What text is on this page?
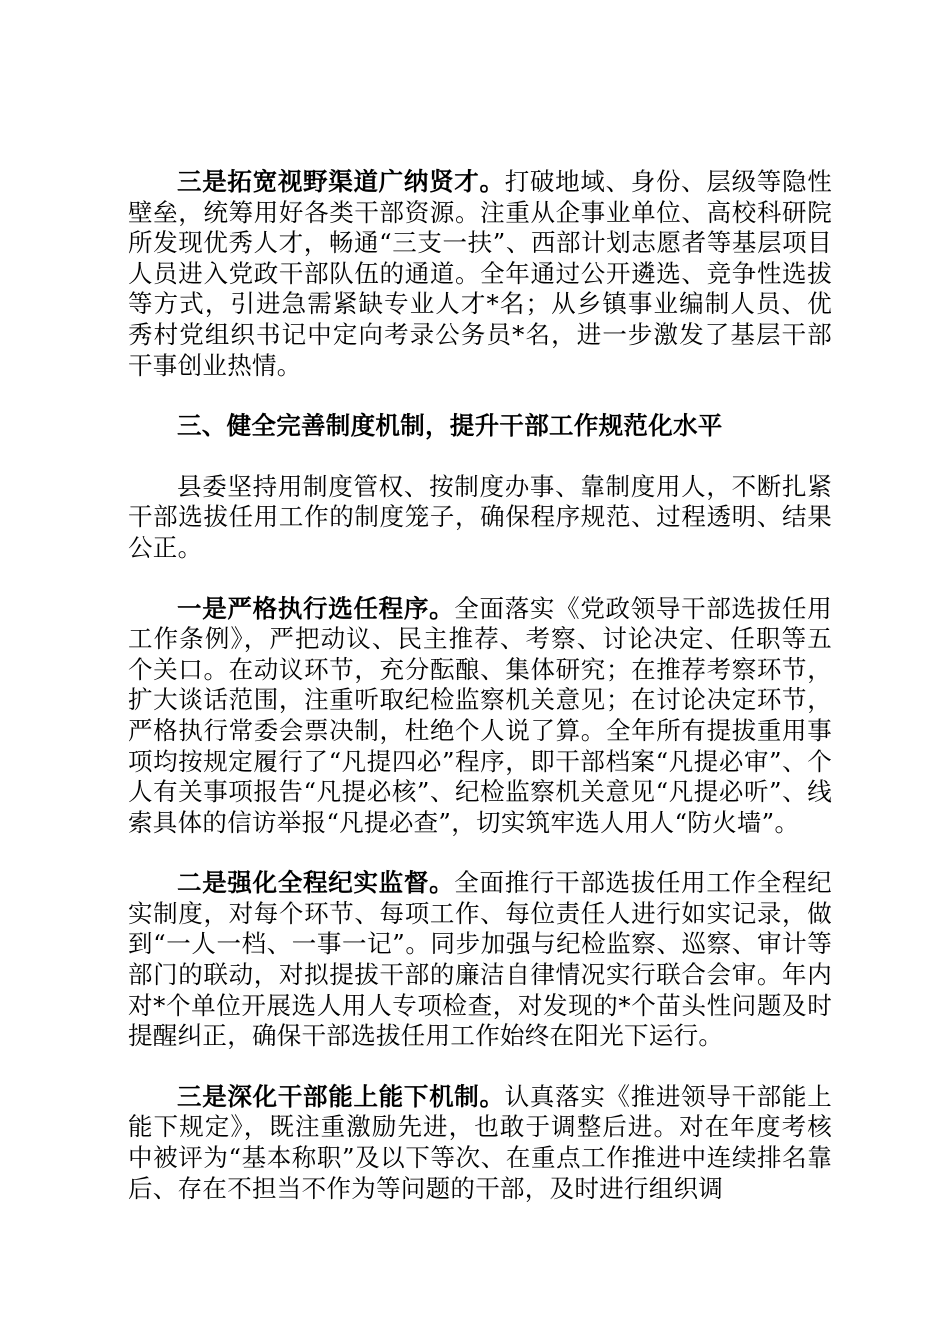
三是拓宽视野渠道广纳贤才。打破地域、身份、层级等隐性壁垒，统筹用好各类干部资源。注重从企事业单位、高校科研院所发现优秀人才，畅通“三支一扶”、西部计划志愿者等基层项目人员进入党政干部队伍的通道。全年通过公开遴选、竞争性选拔等方式，引进急需紧缺专业人才*名；从乡镇事业编制人员、优秀村党组织书记中定向考录公务员*名，进一步激发了基层干部干事创业热情。

三、健全完善制度机制，提升干部工作规范化水平

县委坚持用制度管权、按制度办事、靠制度用人，不断扎紧干部选拔任用工作的制度笼子，确保程序规范、过程透明、结果公正。

一是严格执行选任程序。全面落实《党政领导干部选拔任用工作条例》，严把动议、民主推荐、考察、讨论决定、任职等五个关口。在动议环节，充分酝酿、集体研究；在推荐考察环节，扩大谈话范围，注重听取纪检监察机关意见；在讨论决定环节，严格执行常委会票决制，杜绝个人说了算。全年所有提拔重用事项均按规定履行了“凡提四必”程序，即干部档案“凡提必审”、个人有关事项报告“凡提必核”、纪检监察机关意见“凡提必听”、线索具体的信访举报“凡提必查”，切实筑牢选人用人“防火墙”。

二是强化全程纪实监督。全面推行干部选拔任用工作全程纪实制度，对每个环节、每项工作、每位责任人进行如实记录，做到“一人一档、一事一记”。同步加强与纪检监察、巡察、审计等部门的联动，对拟提拔干部的廉洁自律情况实行联合会审。年内对*个单位开展选人用人专项检查，对发现的*个苗头性问题及时提醒纠正，确保干部选拔任用工作始终在阳光下运行。

三是深化干部能上能下机制。认真落实《推进领导干部能上能下规定》，既注重激励先进，也敢于调整后进。对在年度考核中被评为“基本称职”及以下等次、在重点工作推进中连续排名靠后、存在不担当不作为等问题的干部，及时进行组织调
